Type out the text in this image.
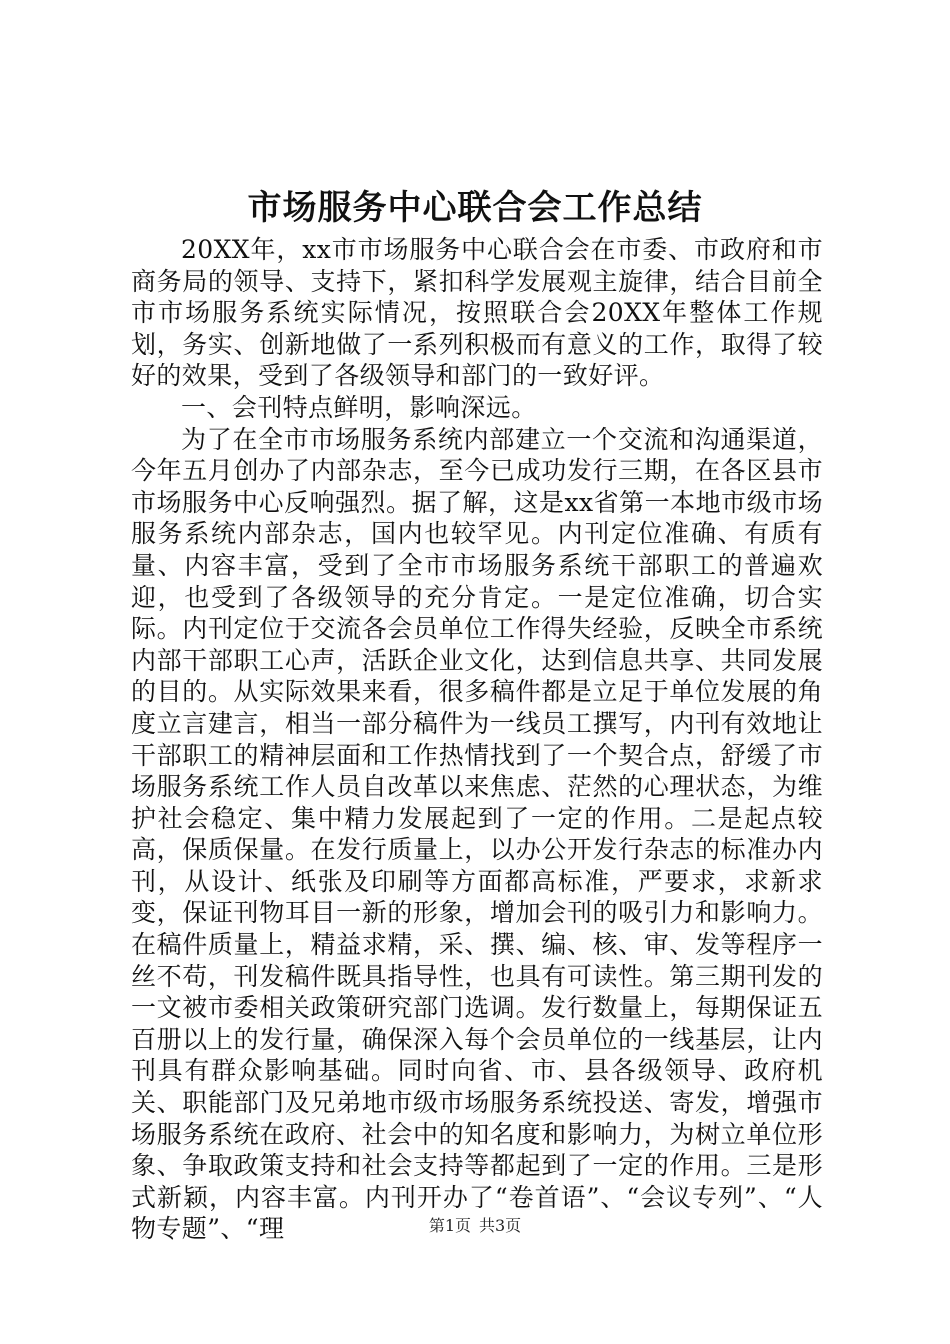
市场服务中心联合会工作总结

20XX年，xx市市场服务中心联合会在市委、市政府和市商务局的领导、支持下，紧扣科学发展观主旋律，结合目前全市市场服务系统实际情况，按照联合会20XX年整体工作规划，务实、创新地做了一系列积极而有意义的工作，取得了较好的效果，受到了各级领导和部门的一致好评。

一、会刊特点鲜明，影响深远。

为了在全市市场服务系统内部建立一个交流和沟通渠道，今年五月创办了内部杂志，至今已成功发行三期，在各区县市市场服务中心反响强烈。据了解，这是xx省第一本地市级市场服务系统内部杂志，国内也较罕见。内刊定位准确、有质有量、内容丰富，受到了全市市场服务系统干部职工的普遍欢迎，也受到了各级领导的充分肯定。一是定位准确，切合实际。内刊定位于交流各会员单位工作得失经验，反映全市系统内部干部职工心声，活跃企业文化，达到信息共享、共同发展的目的。从实际效果来看，很多稿件都是立足于单位发展的角度立言建言，相当一部分稿件为一线员工撰写，内刊有效地让干部职工的精神层面和工作热情找到了一个契合点，舒缓了市场服务系统工作人员自改革以来焦虑、茫然的心理状态，为维护社会稳定、集中精力发展起到了一定的作用。二是起点较高，保质保量。在发行质量上，以办公开发行杂志的标准办内刊，从设计、纸张及印刷等方面都高标准，严要求，求新求变，保证刊物耳目一新的形象，增加会刊的吸引力和影响力。在稿件质量上，精益求精，采、撰、编、核、审、发等程序一丝不苟，刊发稿件既具指导性，也具有可读性。第三期刊发的一文被市委相关政策研究部门选调。发行数量上，每期保证五百册以上的发行量，确保深入每个会员单位的一线基层，让内刊具有群众影响基础。同时向省、市、县各级领导、政府机关、职能部门及兄弟地市级市场服务系统投送、寄发，增强市场服务系统在政府、社会中的知名度和影响力，为树立单位形象、争取政策支持和社会支持等都起到了一定的作用。三是形式新颖，内容丰富。内刊开办了“卷首语”、“会议专列”、“人物专题”、“理	第1页 共3页
